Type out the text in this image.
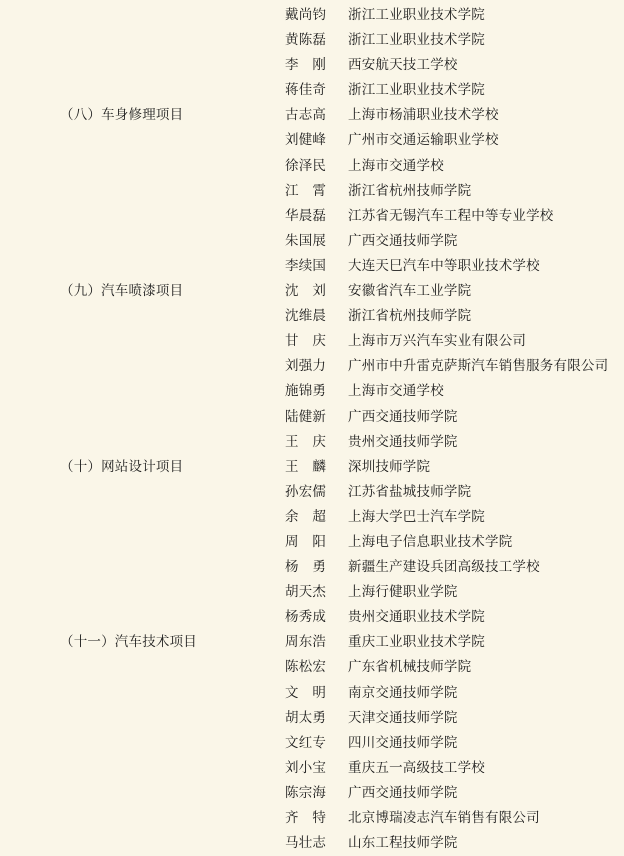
戴尚钧	浙江工业职业技术学院
黄陈磊	浙江工业职业技术学院
李　刚	西安航天技工学校
蒋佳奇	浙江工业职业技术学院
（八）车身修理项目	古志高	上海市杨浦职业技术学校
刘健峰	广州市交通运输职业学校
徐泽民	上海市交通学校
江　霄	浙江省杭州技师学院
华晨磊	江苏省无锡汽车工程中等专业学校
朱国展	广西交通技师学院
李续国	大连天巳汽车中等职业技术学校
（九）汽车喷漆项目	沈　刘	安徽省汽车工业学院
沈维晨	浙江省杭州技师学院
甘　庆	上海市万兴汽车实业有限公司
刘强力	广州市中升雷克萨斯汽车销售服务有限公司
施锦勇	上海市交通学校
陆健新	广西交通技师学院
王　庆	贵州交通技师学院
（十）网站设计项目	王　麟	深圳技师学院
孙宏儒	江苏省盐城技师学院
余　超	上海大学巴士汽车学院
周　阳	上海电子信息职业技术学院
杨　勇	新疆生产建设兵团高级技工学校
胡天杰	上海行健职业学院
杨秀成	贵州交通职业技术学院
（十一）汽车技术项目	周东浩	重庆工业职业技术学院
陈松宏	广东省机械技师学院
文　明	南京交通技师学院
胡太勇	天津交通技师学院
文红专	四川交通技师学院
刘小宝	重庆五一高级技工学校
陈宗海	广西交通技师学院
齐　特	北京博瑞凌志汽车销售有限公司
马壮志	山东工程技师学院
